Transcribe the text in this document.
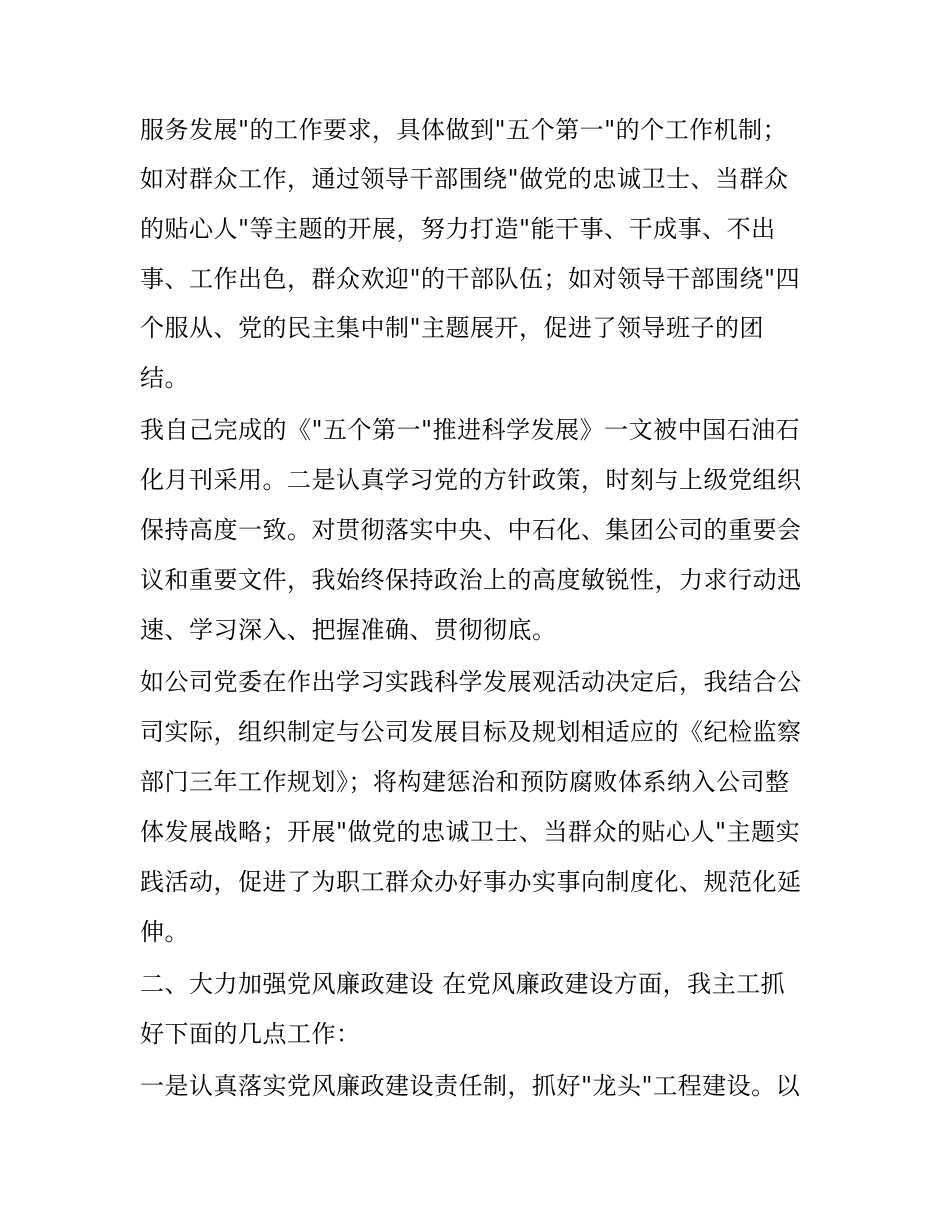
服务发展"的工作要求，具体做到"五个第一"的个工作机制；
如对群众工作，通过领导干部围绕"做党的忠诚卫士、当群众
的贴心人"等主题的开展，努力打造"能干事、干成事、不出
事、工作出色，群众欢迎"的干部队伍；如对领导干部围绕"四
个服从、党的民主集中制"主题展开，促进了领导班子的团
结。
我自己完成的《"五个第一"推进科学发展》一文被中国石油石
化月刊采用。二是认真学习党的方针政策，时刻与上级党组织
保持高度一致。对贯彻落实中央、中石化、集团公司的重要会
议和重要文件，我始终保持政治上的高度敏锐性，力求行动迅
速、学习深入、把握准确、贯彻彻底。
如公司党委在作出学习实践科学发展观活动决定后，我结合公
司实际，组织制定与公司发展目标及规划相适应的《纪检监察
部门三年工作规划》；将构建惩治和预防腐败体系纳入公司整
体发展战略；开展"做党的忠诚卫士、当群众的贴心人"主题实
践活动，促进了为职工群众办好事办实事向制度化、规范化延
伸。
二、大力加强党风廉政建设 在党风廉政建设方面，我主工抓
好下面的几点工作：
一是认真落实党风廉政建设责任制，抓好"龙头"工程建设。以
